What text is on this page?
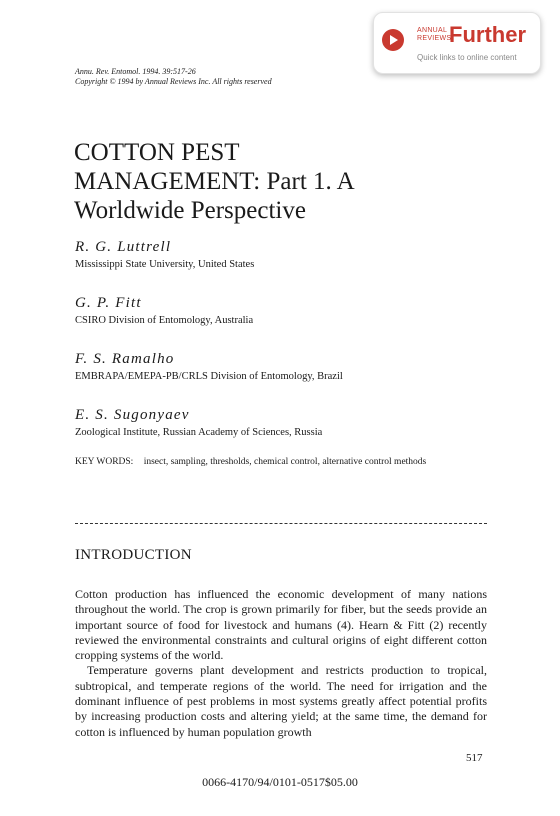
ANNUAL
REVIEWS
Further
Quick links to online content
Annu. Rev. Entomol. 1994. 39:517-26
Copyright © 1994 by Annual Reviews Inc. All rights reserved
COTTON PEST
MANAGEMENT: Part 1. A
Worldwide Perspective
R. G. Luttrell
Mississippi State University, United States
G. P. Fitt
CSIRO Division of Entomology, Australia
F. S. Ramalho
EMBRAPA/EMEPA-PB/CRLS Division of Entomology, Brazil
E. S. Sugonyaev
Zoological Institute, Russian Academy of Sciences, Russia
KEY WORDS: insect, sampling, thresholds, chemical control, alternative control methods
INTRODUCTION

Cotton production has influenced the economic development of many nations throughout the world. The crop is grown primarily for fiber, but the seeds provide an important source of food for livestock and humans (4). Hearn & Fitt (2) recently reviewed the environmental constraints and cultural origins of eight different cotton cropping systems of the world.

Temperature governs plant development and restricts production to tropical, subtropical, and temperate regions of the world. The need for irrigation and the dominant influence of pest problems in most systems greatly affect potential profits by increasing production costs and altering yield; at the same time, the demand for cotton is influenced by human population growth

517
0066-4170/94/0101-0517$05.00
